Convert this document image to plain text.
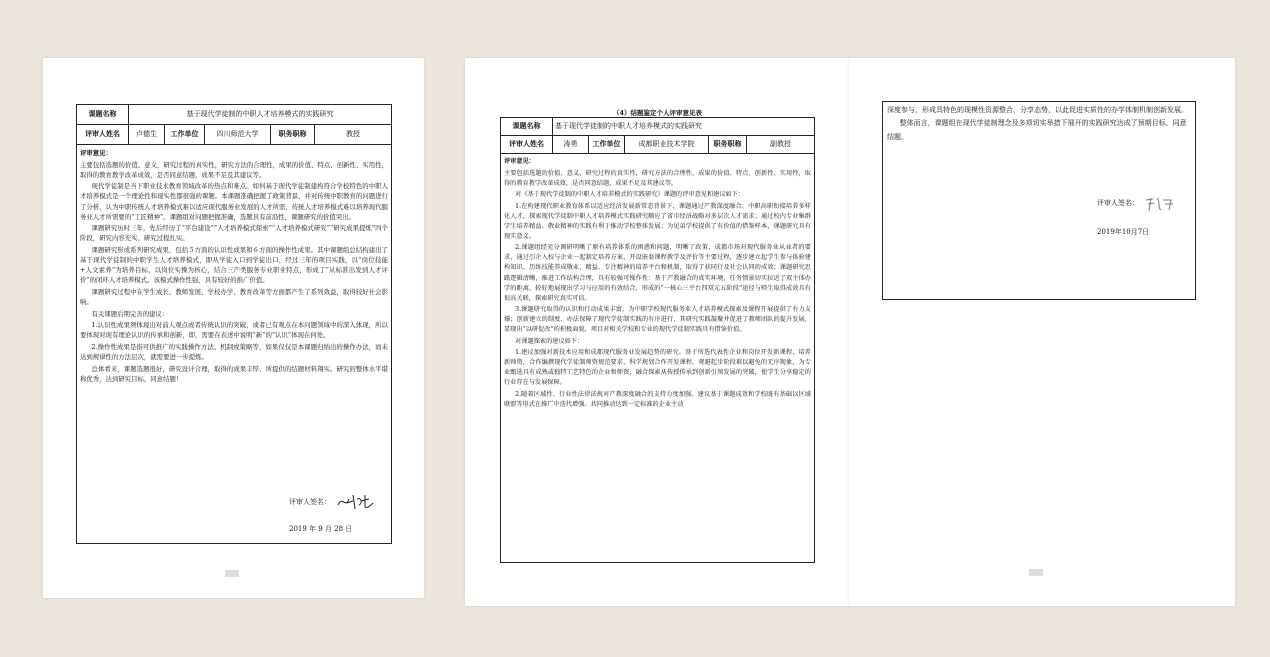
课题名称	基于现代学徒制的中职人才培养模式的实践研究
评审人姓名	卢德生	工作单位	四川师范大学	职务职称	教授

评审意见：

主要包括选题的价值、意义，研究过程的真实性，研究方法的合理性，成果的价值、特点、创新性、实用性，取得的教育教学改革成效，是否同意结题，成果不足及其建议等。

现代学徒制是当下职业技术教育领域改革的热点和难点。如何基于现代学徒制建构符合学校特色的中职人才培养模式是一个理论性和现实性都很强的课题。本课题准确把握了政策背景，并对传统中职教育的问题进行了分析，认为中职传统人才培养模式难以适应现代服务业发展的人才所需，传统人才培养模式难以培养现代服务业人才所需要的“工匠精神”。课题组对问题把握准确，选题具有前沿性，课题研究的价值突出。

课题研究历时三年，先后经历了“平台建设”“人才培养模式探索”“人才培养模式研究”“研究成果提炼”四个阶段，研究内容充实、研究过程扎实。

课题研究形成系列研究成果，包括５方面的认识性成果和６方面的操作性成果。其中课题组总结构建出了基于现代学徒制的中职学生人才培养模式，即从学徒入口到学徒出口，经过三年的项目实践，以“岗位技能+人文素养”为培养目标，以岗位实操为核心，结合三产类服务专业职业特点，形成了“从标准出发到人才评价”的闭环人才培养模式。该模式操作性强，具有较好的推广价值。

课题研究过程中在学生成长、教师发展、学校办学、教育改革等方面都产生了系列效益，取得较好社会影响。

有关课题后期完善的建议：

1.认识性成果须体现出对前人观点或者传统认识的突破，或者已有观点在本问题领域中的深入体现，所以要体现对现有理论认识的传承和创新，即，需要在表述中说明“新”的“认识”体现在何处。

2.操作性成果是指可供推广的实践操作方法、机制或策略等，如果仅仅是本课题归纳出的操作办法，而未达到规律性的方法层次，就需要进一步提炼。

总体看来，课题选题很好，研究设计合理，取得的成果丰厚，所提供的结题材料翔实。研究的整体水平堪称优秀，达到研究目标，同意结题！

评审人签名：
2019 年 9 月 28 日
（4）结题鉴定个人评审意见表
课题名称	基于现代学徒制的中职人才培养模式的实践研究
评审人姓名	涛勇	工作单位	成都职业技术学院	职务职称	副教授

评审意见：

主要包括选题的价值、意义，研究过程的真实性，研究方法的合理性，成果的价值、特点、创新性、实用性，取得的教育教学改革成效，是否同意结题，成果不足及其建议等。

对《基于现代学徒制的中职人才培养模式的实践研究》课题的评审意见和建议如下：

1.在构建现代职业教育体系以适应经济发展新常态背景下，课题通过产教深度融合、中职高职衔接培养多样化人才，探索现代学徒制中职人才培养模式实践研究顺应了省市经济战略对多层次人才需求；通过校内专业集群学生培养精益、敬业精神的实践有利于推动学校整体发展；为见弟学校提供了有价值的借鉴样本，课题研究具有现实意义。

2.课题组经充分调研明晰了原有培养体系的困惑和问题，明晰了政策、成都市场对现代服务业从业者的要求，通过引企入校与企业一起制定培养方案、开设嵌套课程教学及评价等主要过程，逐步建立起学生参与体验建构知识、历练技能养成敬业、精益、专注精神的培养平台和机制，取得了获同行及社会认同的成效；课题研究思路逻辑清晰，推进工作结构合理，具有较强可操作性：基于产教融合的真实环境、任务情景切实拉近了双主体办学的距离，较好地展现出学习与应用的有效结合，形成的“一核心三平台四双元五阶段”途径与师生取得成效具有很高关联，探索研究真实可信。

3.课题研究取得的认识和行动成果丰富，为中职学校现代服务业人才培养模式探索及课程开展提供了有力支撑；创新建立的制度、办法保障了现代学徒制实践的有序进行，其研究实践凝聚并促进了教师团队的提升发展，显现出“以研促改”的积极面貌，项目对相关学校和专业的现代学徒制实践具有借鉴价值。

对课题探索的建议如下：

1.建议加强对新技术应用和成都现代服务业发展趋势的研究。基于所选代表性企业和岗位开发新课程、培养新师资，合作编撰现代学徒制师资规范要求、科学规划合作开发课程，观避起步阶段难以避免的无序现象，为专业甄选具有成熟或独特工艺特色的企业和师资，融合探索从传授传承到创新引领发展的突破，使学生分享稳定的行业存在与发展保障。

2.随着区域性、行业性法律法规对产教深度融合的支持力度加强。建议基于课题成效和学校既有基础以区域联盟等形式在推广中迭代增强。共同推动达到一定标准的企业主动

深度参与，形成具特色的现模性资源整合、分享态势，以此促进实质性的办学体制机制创新发展。

整体而言，课题组在现代学徒制理念及多项切实举措下展开的实践研究达成了预期目标，同意结题。

评审人签名：
2019年10月7日
